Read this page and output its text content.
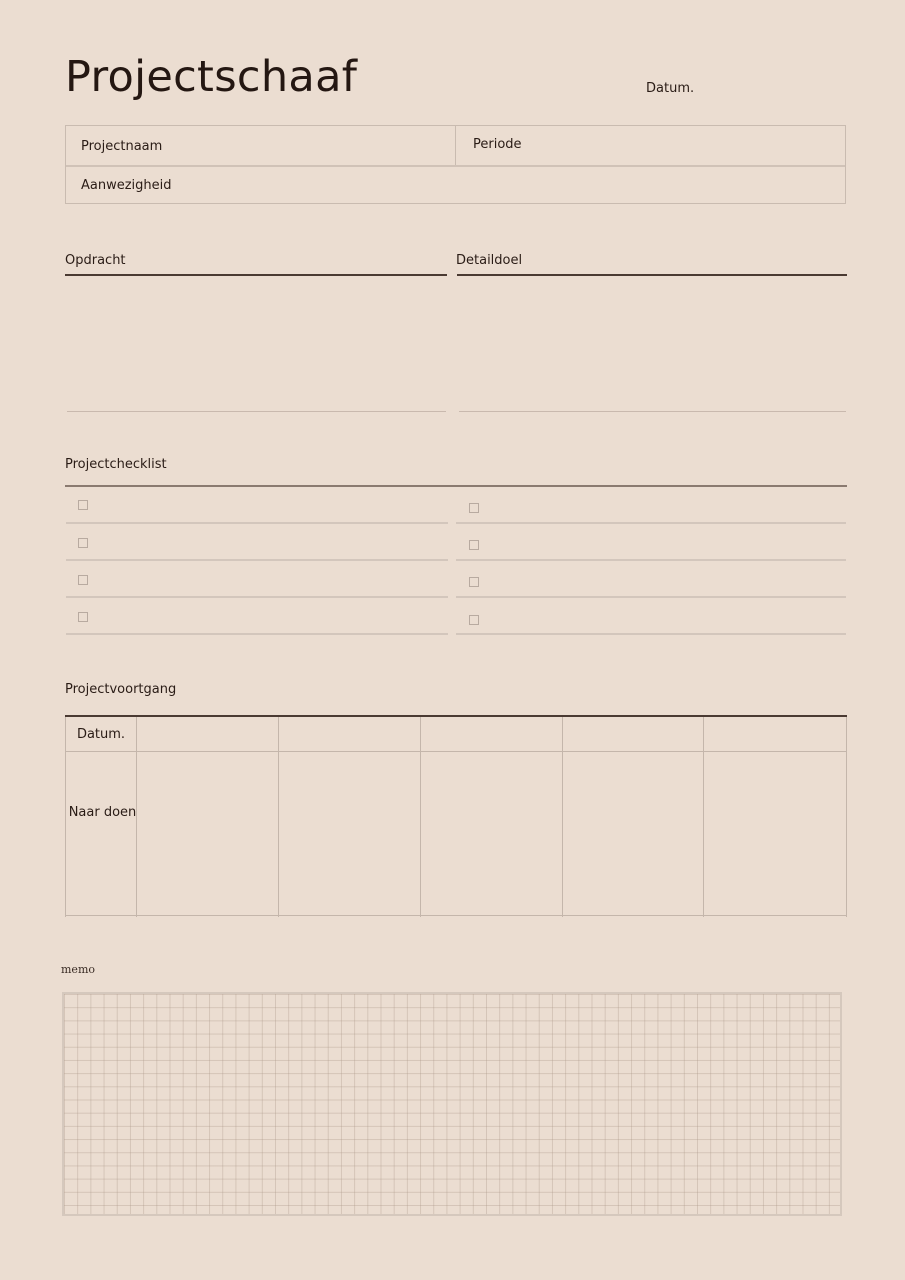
Projectschaaf	Datum.
Projectnaam	Periode
Aanwezigheid
Opdracht	Detaildoel
Projectchecklist
Projectvoortgang
Datum.
Naar doen
memo
